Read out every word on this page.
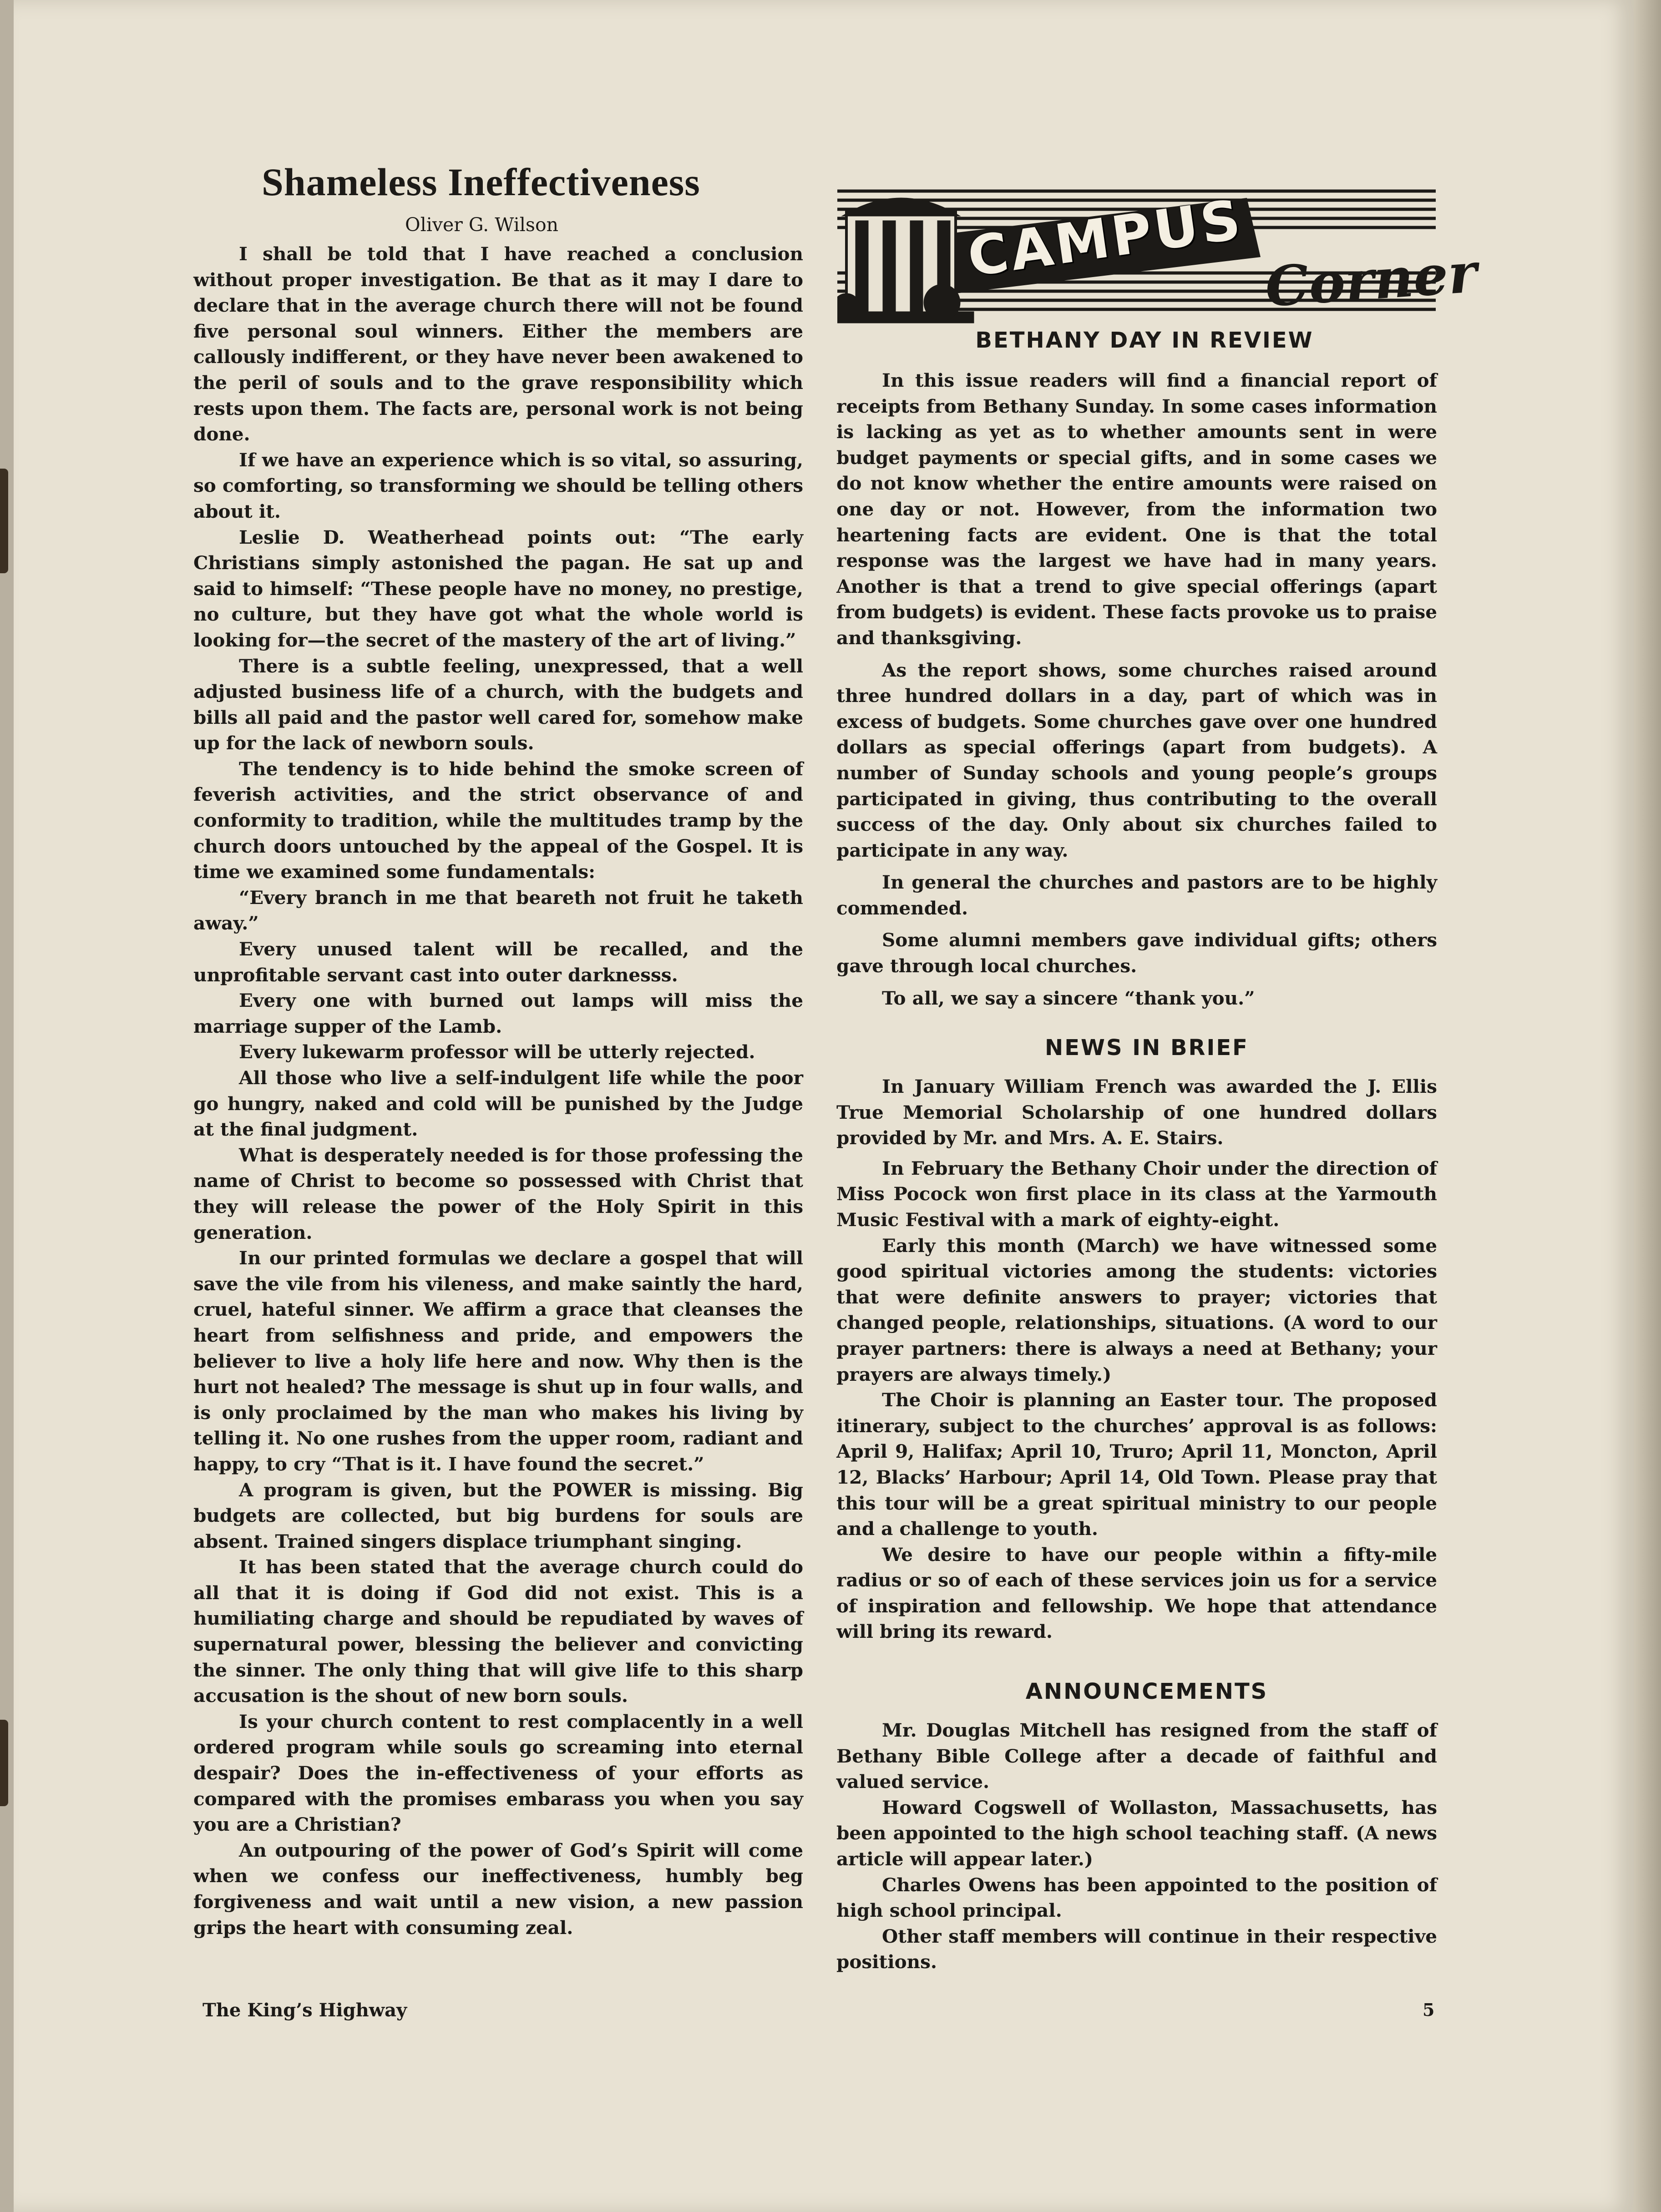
Shameless Ineffectiveness

Oliver G. Wilson

I shall be told that I have reached a conclusion without proper investigation. Be that as it may I dare to declare that in the average church there will not be found five personal soul winners. Either the members are callously indifferent, or they have never been awakened to the peril of souls and to the grave responsibility which rests upon them. The facts are, personal work is not being done.

If we have an experience which is so vital, so assuring, so comforting, so transforming we should be telling others about it.

Leslie D. Weatherhead points out: “The early Christians simply astonished the pagan. He sat up and said to himself: “These people have no money, no prestige, no culture, but they have got what the whole world is looking for—the secret of the mastery of the art of living.”

There is a subtle feeling, unexpressed, that a well adjusted business life of a church, with the budgets and bills all paid and the pastor well cared for, somehow make up for the lack of newborn souls.

The tendency is to hide behind the smoke screen of feverish activities, and the strict observance of and conformity to tradition, while the multitudes tramp by the church doors untouched by the appeal of the Gospel. It is time we examined some fundamentals:

“Every branch in me that beareth not fruit he taketh away.”

Every unused talent will be recalled, and the unprofitable servant cast into outer darknesss.

Every one with burned out lamps will miss the marriage supper of the Lamb.

Every lukewarm professor will be utterly rejected.

All those who live a self-indulgent life while the poor go hungry, naked and cold will be punished by the Judge at the final judgment.

What is desperately needed is for those professing the name of Christ to become so possessed with Christ that they will release the power of the Holy Spirit in this generation.

In our printed formulas we declare a gospel that will save the vile from his vileness, and make saintly the hard, cruel, hateful sinner. We affirm a grace that cleanses the heart from selfishness and pride, and empowers the believer to live a holy life here and now. Why then is the hurt not healed? The message is shut up in four walls, and is only proclaimed by the man who makes his living by telling it. No one rushes from the upper room, radiant and happy, to cry “That is it. I have found the secret.”

A program is given, but the POWER is missing. Big budgets are collected, but big burdens for souls are absent. Trained singers displace triumphant singing.

It has been stated that the average church could do all that it is doing if God did not exist. This is a humiliating charge and should be repudiated by waves of supernatural power, blessing the believer and convicting the sinner. The only thing that will give life to this sharp accusation is the shout of new born souls.

Is your church content to rest complacently in a well ordered program while souls go screaming into eternal despair? Does the in-effectiveness of your efforts as compared with the promises embarass you when you say you are a Christian?

An outpouring of the power of God’s Spirit will come when we confess our ineffectiveness, humbly beg forgiveness and wait until a new vision, a new passion grips the heart with consuming zeal.

CAMPUS Corner
BETHANY DAY IN REVIEW

In this issue readers will find a financial report of receipts from Bethany Sunday. In some cases information is lacking as yet as to whether amounts sent in were budget payments or special gifts, and in some cases we do not know whether the entire amounts were raised on one day or not. However, from the information two heartening facts are evident. One is that the total response was the largest we have had in many years. Another is that a trend to give special offerings (apart from budgets) is evident. These facts provoke us to praise and thanksgiving.

As the report shows, some churches raised around three hundred dollars in a day, part of which was in excess of budgets. Some churches gave over one hundred dollars as special offerings (apart from budgets). A number of Sunday schools and young people’s groups participated in giving, thus contributing to the overall success of the day. Only about six churches failed to participate in any way.

In general the churches and pastors are to be highly commended.

Some alumni members gave individual gifts; others gave through local churches.

To all, we say a sincere “thank you.”

NEWS IN BRIEF

In January William French was awarded the J. Ellis True Memorial Scholarship of one hundred dollars provided by Mr. and Mrs. A. E. Stairs.

In February the Bethany Choir under the direction of Miss Pocock won first place in its class at the Yarmouth Music Festival with a mark of eighty-eight.

Early this month (March) we have witnessed some good spiritual victories among the students: victories that were definite answers to prayer; victories that changed people, relationships, situations. (A word to our prayer partners: there is always a need at Bethany; your prayers are always timely.)

The Choir is planning an Easter tour. The proposed itinerary, subject to the churches’ approval is as follows: April 9, Halifax; April 10, Truro; April 11, Moncton, April 12, Blacks’ Harbour; April 14, Old Town. Please pray that this tour will be a great spiritual ministry to our people and a challenge to youth.

We desire to have our people within a fifty-mile radius or so of each of these services join us for a service of inspiration and fellowship. We hope that attendance will bring its reward.

ANNOUNCEMENTS

Mr. Douglas Mitchell has resigned from the staff of Bethany Bible College after a decade of faithful and valued service.

Howard Cogswell of Wollaston, Massachusetts, has been appointed to the high school teaching staff. (A news article will appear later.)

Charles Owens has been appointed to the position of high school principal.

Other staff members will continue in their respective positions.

The King’s Highway	5
